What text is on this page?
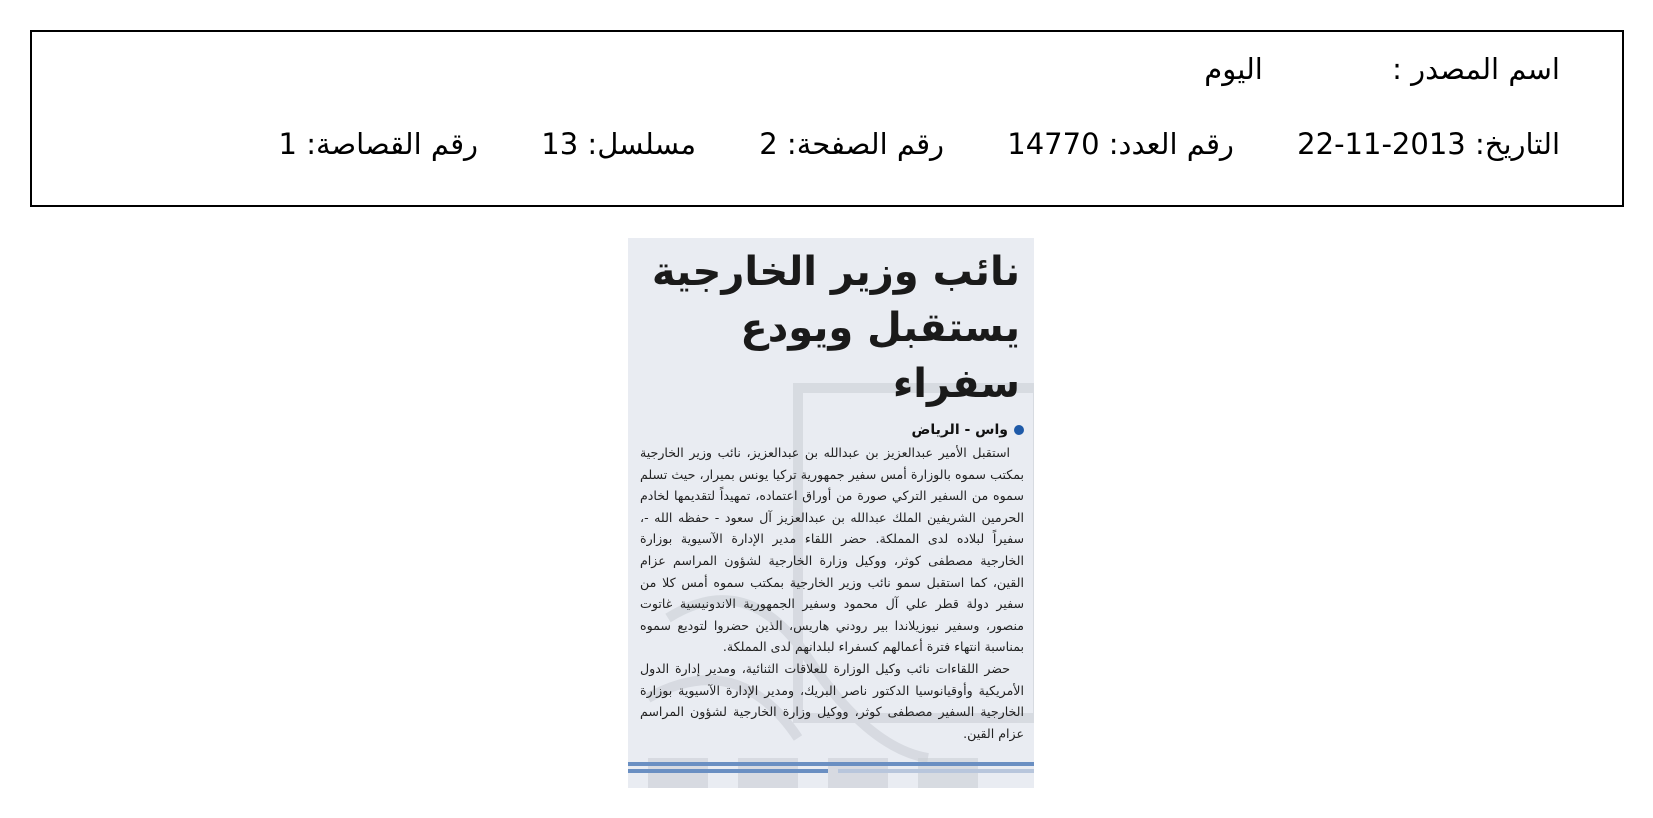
اسم المصدر : اليوم
التاريخ: 2013-11-22 رقم العدد: 14770 رقم الصفحة: 2 مسلسل: 13 رقم القصاصة: 1
نائب وزير الخارجية
يستقبل ويودع سفراء
واس - الرياض

استقبل الأمير عبدالعزيز بن عبدالله بن عبدالعزيز، نائب وزير الخارجية بمكتب سموه بالوزارة أمس سفير جمهورية تركيا يونس بميرار، حيث تسلم سموه من السفير التركي صورة من أوراق اعتماده، تمهيداً لتقديمها لخادم الحرمين الشريفين الملك عبدالله بن عبدالعزيز آل سعود - حفظه الله -، سفيراً لبلاده لدى المملكة. حضر اللقاء مدير الإدارة الآسيوية بوزارة الخارجية مصطفى كوثر، ووكيل وزارة الخارجية لشؤون المراسم عزام القين، كما استقبل سمو نائب وزير الخارجية بمكتب سموه أمس كلا من سفير دولة قطر علي آل محمود وسفير الجمهورية الاندونيسية غاتوت منصور، وسفير نيوزيلاندا بير رودني هاريس، الذين حضروا لتوديع سموه بمناسبة انتهاء فترة أعمالهم كسفراء لبلدانهم لدى المملكة.

حضر اللقاءات نائب وكيل الوزارة للعلاقات الثنائية، ومدير إدارة الدول الأمريكية وأوقيانوسيا الدكتور ناصر البريك، ومدير الإدارة الآسيوية بوزارة الخارجية السفير مصطفى كوثر، ووكيل وزارة الخارجية لشؤون المراسم عزام القين.
